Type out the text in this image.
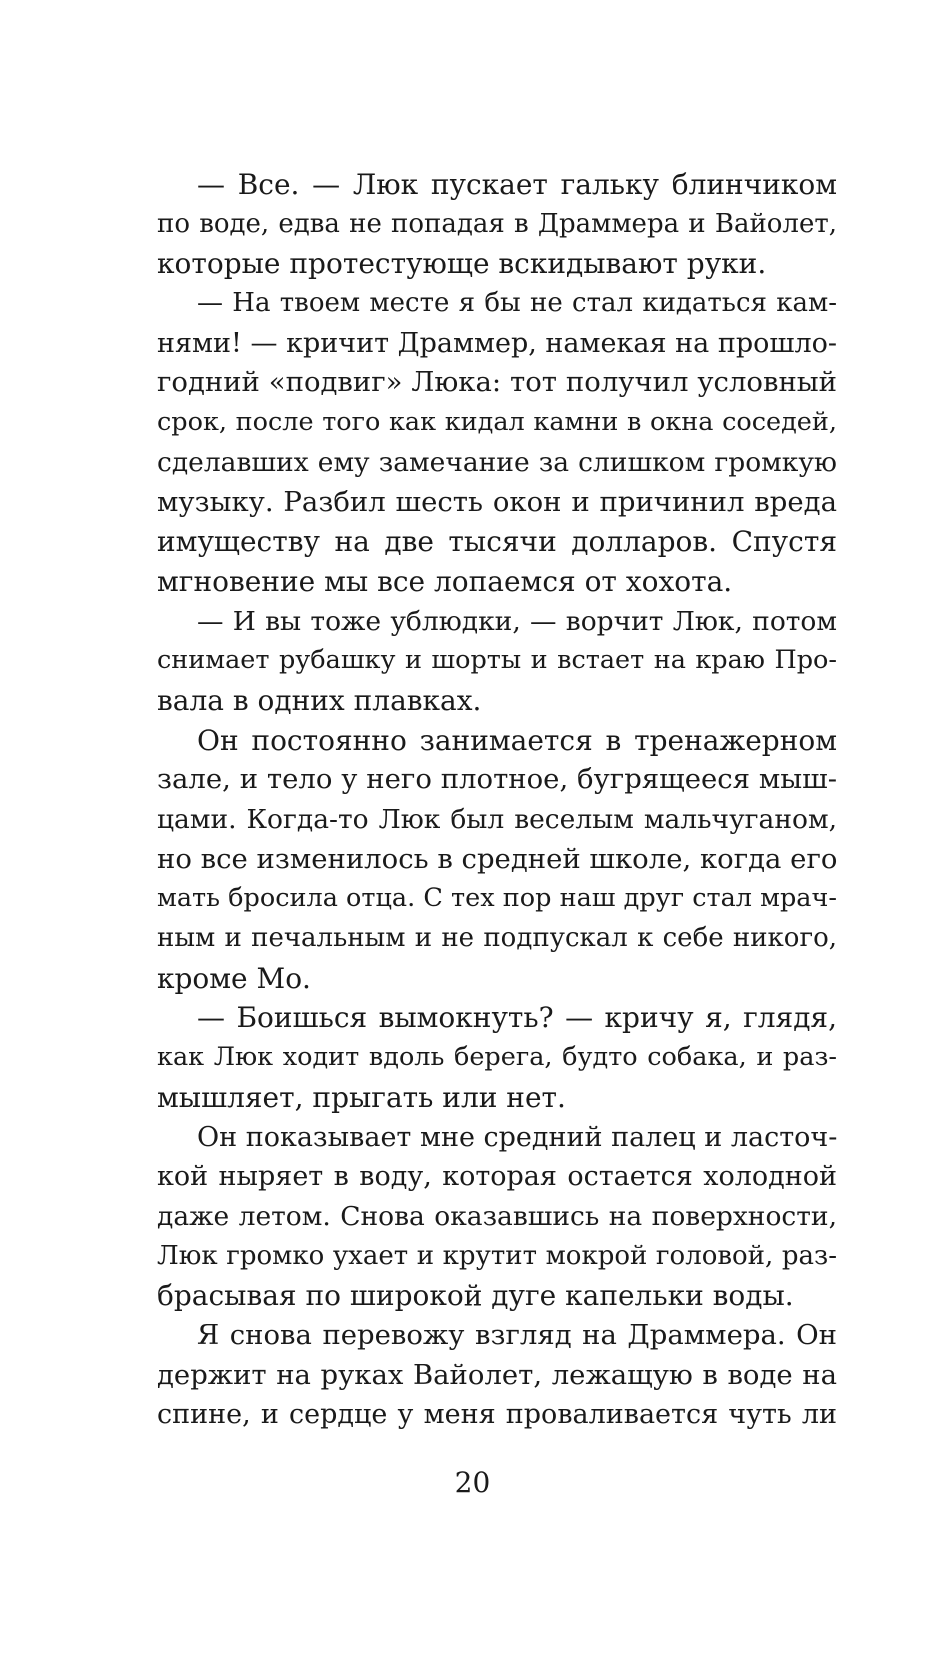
— Все. — Люк пускает гальку блинчиком
по воде, едва не попадая в Драммера и Вайолет,
которые протестующе вскидывают руки.
— На твоем месте я бы не стал кидаться кам-
нями! — кричит Драммер, намекая на прошло-
годний «подвиг» Люка: тот получил условный
срок, после того как кидал камни в окна соседей,
сделавших ему замечание за слишком громкую
музыку. Разбил шесть окон и причинил вреда
имуществу на две тысячи долларов. Спустя
мгновение мы все лопаемся от хохота.
— И вы тоже ублюдки, — ворчит Люк, потом
снимает рубашку и шорты и встает на краю Про-
вала в одних плавках.
Он постоянно занимается в тренажерном
зале, и тело у него плотное, бугрящееся мыш-
цами. Когда-то Люк был веселым мальчуганом,
но все изменилось в средней школе, когда его
мать бросила отца. С тех пор наш друг стал мрач-
ным и печальным и не подпускал к себе никого,
кроме Мо.
— Боишься вымокнуть? — кричу я, глядя,
как Люк ходит вдоль берега, будто собака, и раз-
мышляет, прыгать или нет.
Он показывает мне средний палец и ласточ-
кой ныряет в воду, которая остается холодной
даже летом. Снова оказавшись на поверхности,
Люк громко ухает и крутит мокрой головой, раз-
брасывая по широкой дуге капельки воды.
Я снова перевожу взгляд на Драммера. Он
держит на руках Вайолет, лежащую в воде на
спине, и сердце у меня проваливается чуть ли
20
